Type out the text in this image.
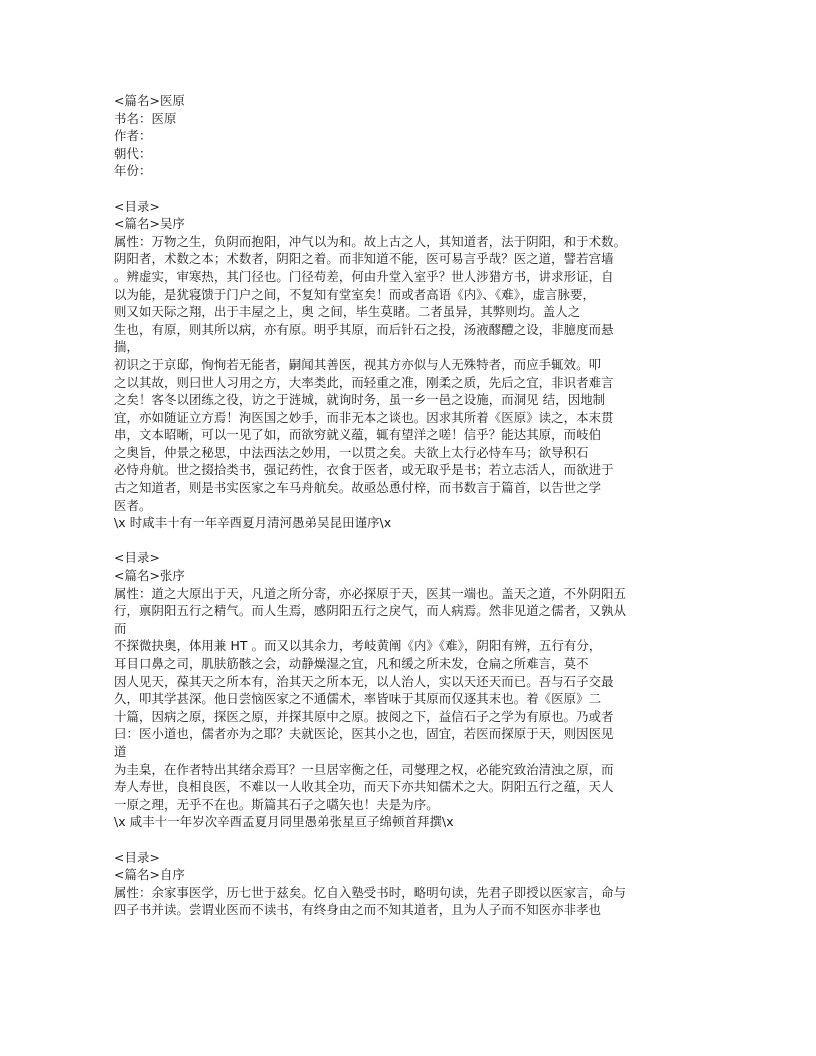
<篇名>医原
书名：医原
作者：
朝代：
年份：
<目录>
<篇名>吴序
属性：万物之生，负阴而抱阳，冲气以为和。故上古之人，其知道者，法于阴阳，和于术数。
阴阳者，术数之本；术数者，阴阳之着。而非知道不能，医可易言乎哉？医之道，譬若宫墙
。辨虚实，审寒热，其门径也。门径苟差，何由升堂入室乎？世人涉猎方书，讲求形证，自
以为能，是犹寝馈于门户之间，不复知有堂室矣！而或者高语《内》、《难》，虚言脉要，
则又如天际之翔，出于丰屋之上，奥 之间，毕生莫睹。二者虽异，其弊则均。盖人之
生也，有原，则其所以病，亦有原。明乎其原，而后针石之投，汤液醪醴之设，非臆度而悬
揣，
初识之于京邸，恂恂若无能者，嗣闻其善医，视其方亦似与人无殊特者，而应手辄效。叩
之以其故，则曰世人习用之方，大率类此，而轻重之准，刚柔之质，先后之宜，非识者难言
之矣！客冬以团练之役，访之于涟城，就询时务，虽一乡一邑之设施，而洞见 结，因地制
宜，亦如随证立方焉！洵医国之妙手，而非无本之谈也。因求其所着《医原》读之，本末贯
串，文本昭晰，可以一见了如，而欲穷就义蕴，辄有望洋之嗟！信乎？能达其原，而岐伯
之奥旨，仲景之秘思，中法西法之妙用，一以贯之矣。夫欲上太行必恃车马；欲导积石
必恃舟航。世之掇拾类书，强记药性，衣食于医者，或无取乎是书；若立志活人，而欲进于
古之知道者，则是书实医家之车马舟航矣。故亟怂恿付梓，而书数言于篇首，以告世之学
医者。
\x 时咸丰十有一年辛酉夏月清河愚弟吴昆田谨序\x
<目录>
<篇名>张序
属性：道之大原出于天，凡道之所分寄，亦必探原于天，医其一端也。盖天之道，不外阴阳五
行，禀阴阳五行之精气。而人生焉，感阴阳五行之戾气，而人病焉。然非见道之儒者，又孰从
而
不探微抉奥，体用兼 HT 。而又以其余力，考岐黄阐《内》《难》，阴阳有辨，五行有分，
耳目口鼻之司，肌肤筋骸之会，动静燥湿之宜，凡和缓之所未发，仓扁之所难言，莫不
因人见天，葆其天之所本有，治其天之所本无，以人治人，实以天还天而已。吾与石子交最
久，叩其学甚深。他日尝恼医家之不通儒术，率皆味于其原而仅逐其末也。着《医原》二
十篇，因病之原，探医之原，并探其原中之原。披阅之下，益信石子之学为有原也。乃或者
曰：医小道也，儒者亦为之耶？夫就医论，医其小之也，固宜，若医而探原于天，则因医见
道
为圭臬，在作者特出其绪余焉耳？一旦居宰衡之任，司燮理之权，必能究致治清浊之原，而
寿人寿世，良相良医，不难以一人收其全功，而天下亦共知儒术之大。阴阳五行之蕴，天人
一原之理，无乎不在也。斯篇其石子之嚆矢也！夫是为序。
\x 咸丰十一年岁次辛酉孟夏月同里愚弟张星亘子绵顿首拜撰\x
<目录>
<篇名>自序
属性：余家事医学，历七世于兹矣。忆自入塾受书时，略明句读，先君子即授以医家言，命与
四子书并读。尝谓业医而不读书，有终身由之而不知其道者，且为人子而不知医亦非孝也
